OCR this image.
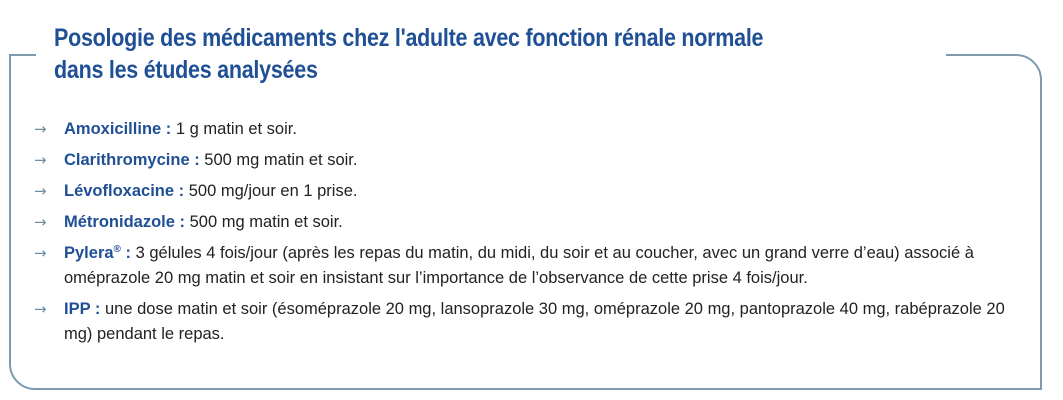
Posologie des médicaments chez l'adulte avec fonction rénale normale
dans les études analysées
→	Amoxicilline : 1 g matin et soir.
→	Clarithromycine : 500 mg matin et soir.
→	Lévofloxacine : 500 mg/jour en 1 prise.
→	Métronidazole : 500 mg matin et soir.
→	Pylera® : 3 gélules 4 fois/jour (après les repas du matin, du midi, du soir et au coucher, avec un grand verre d’eau) associé à oméprazole 20 mg matin et soir en insistant sur l’importance de l’observance de cette prise 4 fois/jour.
→	IPP : une dose matin et soir (ésoméprazole 20 mg, lansoprazole 30 mg, oméprazole 20 mg, pantoprazole 40 mg, rabéprazole 20 mg) pendant le repas.
